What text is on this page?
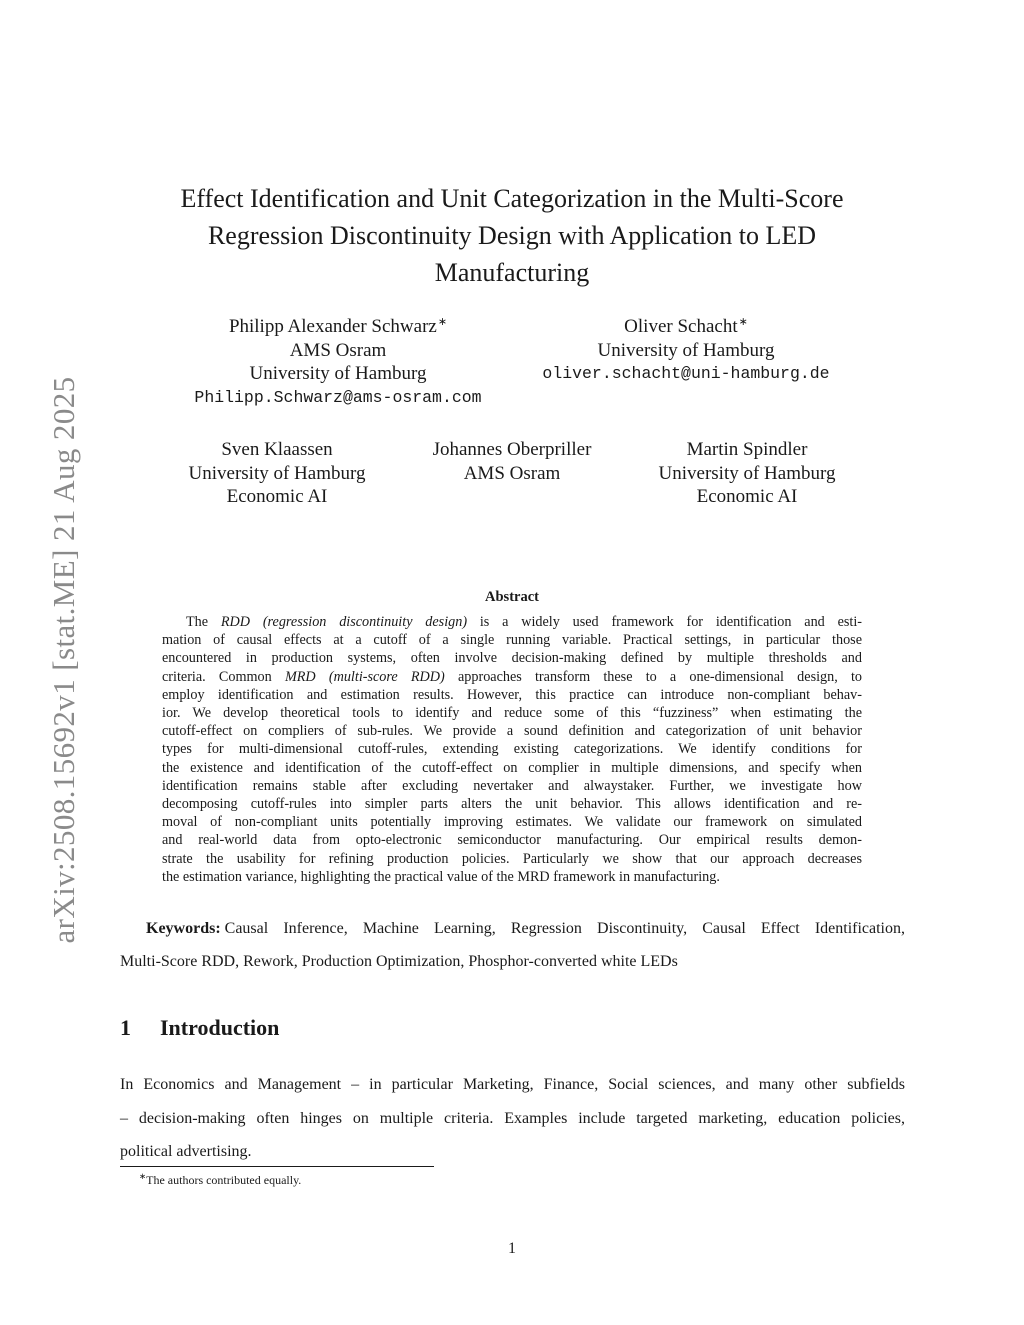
arXiv:2508.15692v1 [stat.ME] 21 Aug 2025
Effect Identification and Unit Categorization in the Multi-Score
Regression Discontinuity Design with Application to LED
Manufacturing
Philipp Alexander Schwarz∗
AMS Osram
University of Hamburg
Philipp.Schwarz@ams-osram.com
Oliver Schacht∗
University of Hamburg
oliver.schacht@uni-hamburg.de
Sven Klaassen
University of Hamburg
Economic AI
Johannes Oberpriller
AMS Osram
Martin Spindler
University of Hamburg
Economic AI
Abstract
The RDD (regression discontinuity design) is a widely used framework for identification and esti-
mation of causal effects at a cutoff of a single running variable. Practical settings, in particular those
encountered in production systems, often involve decision-making defined by multiple thresholds and
criteria. Common MRD (multi-score RDD) approaches transform these to a one-dimensional design, to
employ identification and estimation results. However, this practice can introduce non-compliant behav-
ior. We develop theoretical tools to identify and reduce some of this “fuzziness” when estimating the
cutoff-effect on compliers of sub-rules. We provide a sound definition and categorization of unit behavior
types for multi-dimensional cutoff-rules, extending existing categorizations. We identify conditions for
the existence and identification of the cutoff-effect on complier in multiple dimensions, and specify when
identification remains stable after excluding nevertaker and alwaystaker. Further, we investigate how
decomposing cutoff-rules into simpler parts alters the unit behavior. This allows identification and re-
moval of non-compliant units potentially improving estimates. We validate our framework on simulated
and real-world data from opto-electronic semiconductor manufacturing. Our empirical results demon-
strate the usability for refining production policies. Particularly we show that our approach decreases
the estimation variance, highlighting the practical value of the MRD framework in manufacturing.
Keywords: Causal Inference, Machine Learning, Regression Discontinuity, Causal Effect Identification,
Multi-Score RDD, Rework, Production Optimization, Phosphor-converted white LEDs
1 Introduction
In Economics and Management – in particular Marketing, Finance, Social sciences, and many other subfields
– decision-making often hinges on multiple criteria. Examples include targeted marketing, education policies,
political advertising.
∗The authors contributed equally.
1
